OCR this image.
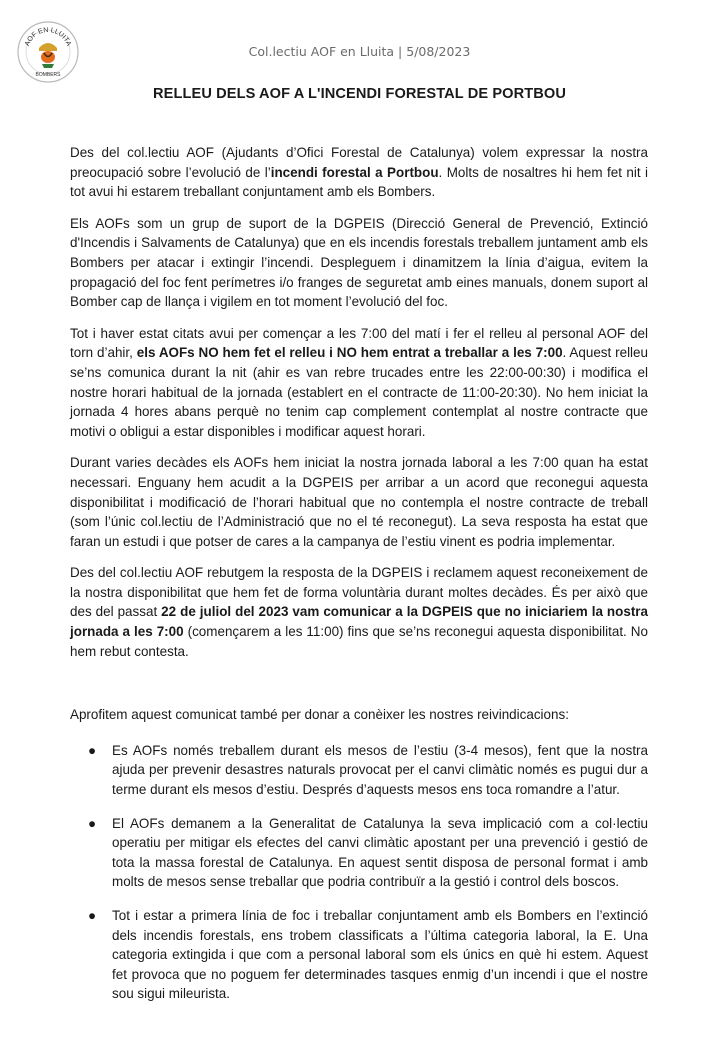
AOF EN LLUITA
BOMBERS
Col.lectiu AOF en Lluita | 5/08/2023
RELLEU DELS AOF A L'INCENDI FORESTAL DE PORTBOU

Des del col.lectiu AOF (Ajudants d’Ofici Forestal de Catalunya) volem expressar la nostra preocupació sobre l’evolució de l’incendi forestal a Portbou. Molts de nosaltres hi hem fet nit i tot avui hi estarem treballant conjuntament amb els Bombers.

Els AOFs som un grup de suport de la DGPEIS (Direcció General de Prevenció, Extinció d'Incendis i Salvaments de Catalunya) que en els incendis forestals treballem juntament amb els Bombers per atacar i extingir l’incendi. Despleguem i dinamitzem la línia d’aigua, evitem la propagació del foc fent perímetres i/o franges de seguretat amb eines manuals, donem suport al Bomber cap de llança i vigilem en tot moment l’evolució del foc.

Tot i haver estat citats avui per començar a les 7:00 del matí i fer el relleu al personal AOF del torn d’ahir, els AOFs NO hem fet el relleu i NO hem entrat a treballar a les 7:00. Aquest relleu se’ns comunica durant la nit (ahir es van rebre trucades entre les 22:00-00:30) i modifica el nostre horari habitual de la jornada (establert en el contracte de 11:00-20:30). No hem iniciat la jornada 4 hores abans perquè no tenim cap complement contemplat al nostre contracte que motivi o obligui a estar disponibles i modificar aquest horari.

Durant varies decàdes els AOFs hem iniciat la nostra jornada laboral a les 7:00 quan ha estat necessari. Enguany hem acudit a la DGPEIS per arribar a un acord que reconegui aquesta disponibilitat i modificació de l’horari habitual que no contempla el nostre contracte de treball (som l’únic col.lectiu de l’Administració que no el té reconegut). La seva resposta ha estat que faran un estudi i que potser de cares a la campanya de l’estiu vinent es podria implementar.

Des del col.lectiu AOF rebutgem la resposta de la DGPEIS i reclamem aquest reconeixement de la nostra disponibilitat que hem fet de forma voluntària durant moltes decàdes. És per això que des del passat 22 de juliol del 2023 vam comunicar a la DGPEIS que no iniciariem la nostra jornada a les 7:00 (començarem a les 11:00) fins que se’ns reconegui aquesta disponibilitat. No hem rebut contesta.

Aprofitem aquest comunicat també per donar a conèixer les nostres reivindicacions:

● Es AOFs només treballem durant els mesos de l’estiu (3-4 mesos), fent que la nostra ajuda per prevenir desastres naturals provocat per el canvi climàtic només es pugui dur a terme durant els mesos d’estiu. Després d’aquests mesos ens toca romandre a l’atur.
● El AOFs demanem a la Generalitat de Catalunya la seva implicació com a col·lectiu operatiu per mitigar els efectes del canvi climàtic apostant per una prevenció i gestió de tota la massa forestal de Catalunya. En aquest sentit disposa de personal format i amb molts de mesos sense treballar que podria contribuïr a la gestió i control dels boscos.
● Tot i estar a primera línia de foc i treballar conjuntament amb els Bombers en l’extinció dels incendis forestals, ens trobem classificats a l’última categoria laboral, la E. Una categoria extingida i que com a personal laboral som els únics en què hi estem. Aquest fet provoca que no poguem fer determinades tasques enmig d’un incendi i que el nostre sou sigui mileurista.
